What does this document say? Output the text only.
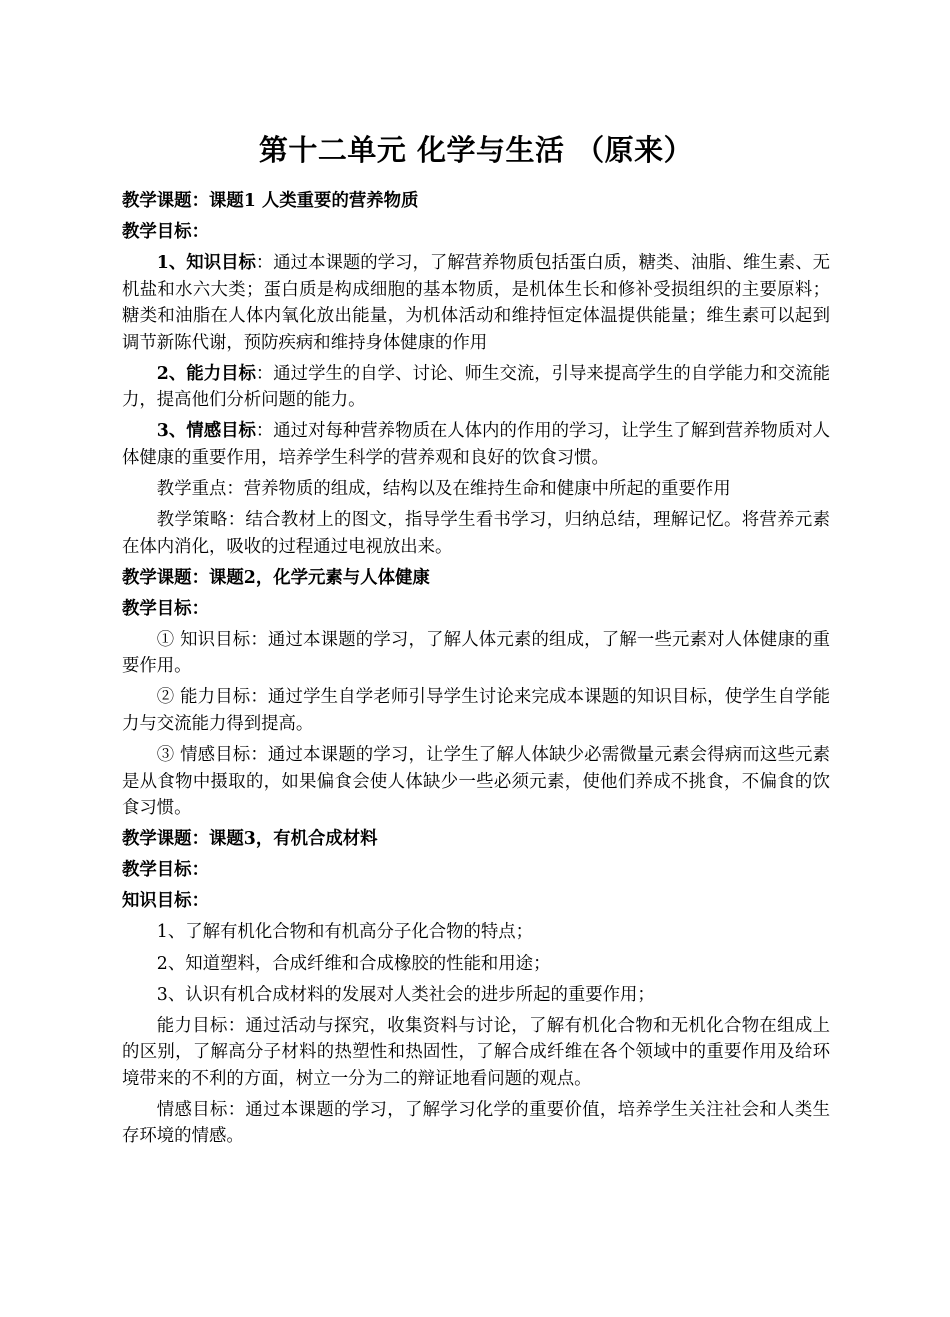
第十二单元 化学与生活 （原来）
教学课题：课题1 人类重要的营养物质
教学目标：
1、知识目标：通过本课题的学习，了解营养物质包括蛋白质，糖类、油脂、维生素、无机盐和水六大类；蛋白质是构成细胞的基本物质，是机体生长和修补受损组织的主要原料；糖类和油脂在人体内氧化放出能量，为机体活动和维持恒定体温提供能量；维生素可以起到调节新陈代谢，预防疾病和维持身体健康的作用
2、能力目标：通过学生的自学、讨论、师生交流，引导来提高学生的自学能力和交流能力，提高他们分析问题的能力。
3、情感目标：通过对每种营养物质在人体内的作用的学习，让学生了解到营养物质对人体健康的重要作用，培养学生科学的营养观和良好的饮食习惯。
教学重点：营养物质的组成，结构以及在维持生命和健康中所起的重要作用
教学策略：结合教材上的图文，指导学生看书学习，归纳总结，理解记忆。将营养元素在体内消化，吸收的过程通过电视放出来。
教学课题：课题2，化学元素与人体健康
教学目标：
① 知识目标：通过本课题的学习，了解人体元素的组成，了解一些元素对人体健康的重要作用。
② 能力目标：通过学生自学老师引导学生讨论来完成本课题的知识目标，使学生自学能力与交流能力得到提高。
③ 情感目标：通过本课题的学习，让学生了解人体缺少必需微量元素会得病而这些元素是从食物中摄取的，如果偏食会使人体缺少一些必须元素，使他们养成不挑食，不偏食的饮食习惯。
教学课题：课题3，有机合成材料
教学目标：
知识目标：
1、了解有机化合物和有机高分子化合物的特点；
2、知道塑料，合成纤维和合成橡胶的性能和用途；
3、认识有机合成材料的发展对人类社会的进步所起的重要作用；
能力目标：通过活动与探究，收集资料与讨论，了解有机化合物和无机化合物在组成上的区别，了解高分子材料的热塑性和热固性，了解合成纤维在各个领域中的重要作用及给环境带来的不利的方面，树立一分为二的辩证地看问题的观点。
情感目标：通过本课题的学习，了解学习化学的重要价值，培养学生关注社会和人类生存环境的情感。
